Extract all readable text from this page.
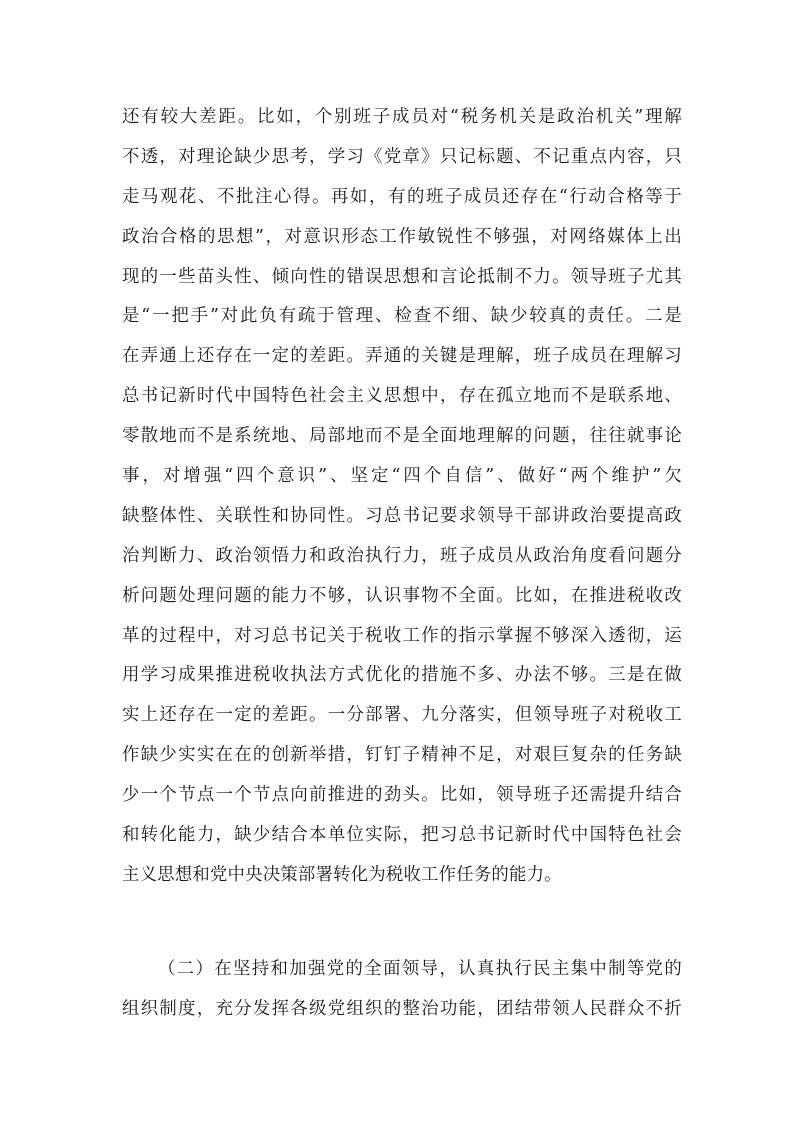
还有较大差距。比如，个别班子成员对“税务机关是政治机关”理解
不透，对理论缺少思考，学习《党章》只记标题、不记重点内容，只
走马观花、不批注心得。再如，有的班子成员还存在“行动合格等于
政治合格的思想”，对意识形态工作敏锐性不够强，对网络媒体上出
现的一些苗头性、倾向性的错误思想和言论抵制不力。领导班子尤其
是“一把手”对此负有疏于管理、检查不细、缺少较真的责任。二是
在弄通上还存在一定的差距。弄通的关键是理解，班子成员在理解习
总书记新时代中国特色社会主义思想中，存在孤立地而不是联系地、
零散地而不是系统地、局部地而不是全面地理解的问题，往往就事论
事，对增强“四个意识”、坚定“四个自信”、做好“两个维护”欠
缺整体性、关联性和协同性。习总书记要求领导干部讲政治要提高政
治判断力、政治领悟力和政治执行力，班子成员从政治角度看问题分
析问题处理问题的能力不够，认识事物不全面。比如，在推进税收改
革的过程中，对习总书记关于税收工作的指示掌握不够深入透彻，运
用学习成果推进税收执法方式优化的措施不多、办法不够。三是在做
实上还存在一定的差距。一分部署、九分落实，但领导班子对税收工
作缺少实实在在的创新举措，钉钉子精神不足，对艰巨复杂的任务缺
少一个节点一个节点向前推进的劲头。比如，领导班子还需提升结合
和转化能力，缺少结合本单位实际，把习总书记新时代中国特色社会
主义思想和党中央决策部署转化为税收工作任务的能力。
（二）在坚持和加强党的全面领导，认真执行民主集中制等党的
组织制度，充分发挥各级党组织的整治功能，团结带领人民群众不折
